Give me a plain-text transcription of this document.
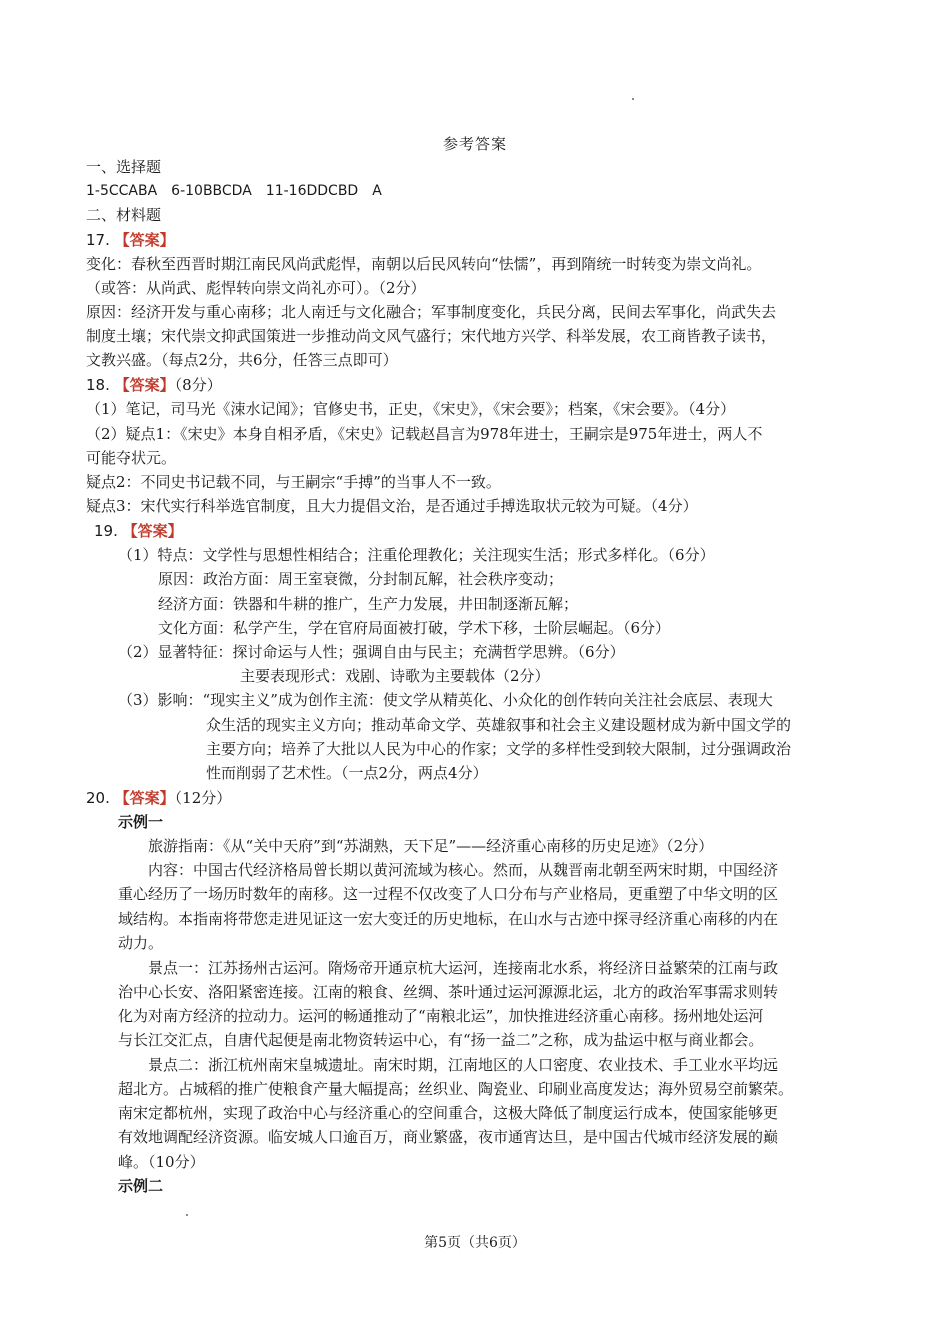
参考答案
一、选择题
1-5CCABA　6-10BBCDA　11-16DDCBD　A
二、材料题
17. 【答案】
变化：春秋至西晋时期江南民风尚武彪悍，南朝以后民风转向“怯懦”，再到隋统一时转变为崇文尚礼。
（或答：从尚武、彪悍转向崇文尚礼亦可）。（2分）
原因：经济开发与重心南移；北人南迁与文化融合；军事制度变化，兵民分离，民间去军事化，尚武失去
制度土壤；宋代崇文抑武国策进一步推动尚文风气盛行；宋代地方兴学、科举发展，农工商皆教子读书，
文教兴盛。（每点2分，共6分，任答三点即可）
18. 【答案】（8分）
（1）笔记，司马光《涑水记闻》；官修史书，正史，《宋史》，《宋会要》；档案，《宋会要》。（4分）
（2）疑点1：《宋史》本身自相矛盾，《宋史》记载赵昌言为978年进士，王嗣宗是975年进士，两人不
可能夺状元。
疑点2：不同史书记载不同，与王嗣宗“手搏”的当事人不一致。
疑点3：宋代实行科举选官制度，且大力提倡文治，是否通过手搏选取状元较为可疑。（4分）
19. 【答案】
（1）特点：文学性与思想性相结合；注重伦理教化；关注现实生活；形式多样化。（6分）
原因：政治方面：周王室衰微，分封制瓦解，社会秩序变动；
经济方面：铁器和牛耕的推广，生产力发展，井田制逐渐瓦解；
文化方面：私学产生，学在官府局面被打破，学术下移，士阶层崛起。（6分）
（2）显著特征：探讨命运与人性；强调自由与民主；充满哲学思辨。（6分）
主要表现形式：戏剧、诗歌为主要载体（2分）
（3）影响：“现实主义”成为创作主流：使文学从精英化、小众化的创作转向关注社会底层、表现大
众生活的现实主义方向；推动革命文学、英雄叙事和社会主义建设题材成为新中国文学的
主要方向；培养了大批以人民为中心的作家；文学的多样性受到较大限制，过分强调政治
性而削弱了艺术性。（一点2分，两点4分）
20. 【答案】（12分）
示例一
旅游指南：《从“关中天府”到“苏湖熟，天下足”——经济重心南移的历史足迹》（2分）
内容：中国古代经济格局曾长期以黄河流域为核心。然而，从魏晋南北朝至两宋时期，中国经济
重心经历了一场历时数年的南移。这一过程不仅改变了人口分布与产业格局，更重塑了中华文明的区
域结构。本指南将带您走进见证这一宏大变迁的历史地标，在山水与古迹中探寻经济重心南移的内在
动力。
景点一：江苏扬州古运河。隋炀帝开通京杭大运河，连接南北水系，将经济日益繁荣的江南与政
治中心长安、洛阳紧密连接。江南的粮食、丝绸、茶叶通过运河源源北运，北方的政治军事需求则转
化为对南方经济的拉动力。运河的畅通推动了“南粮北运”，加快推进经济重心南移。扬州地处运河
与长江交汇点，自唐代起便是南北物资转运中心，有“扬一益二”之称，成为盐运中枢与商业都会。
景点二：浙江杭州南宋皇城遗址。南宋时期，江南地区的人口密度、农业技术、手工业水平均远
超北方。占城稻的推广使粮食产量大幅提高；丝织业、陶瓷业、印刷业高度发达；海外贸易空前繁荣。
南宋定都杭州，实现了政治中心与经济重心的空间重合，这极大降低了制度运行成本，使国家能够更
有效地调配经济资源。临安城人口逾百万，商业繁盛，夜市通宵达旦，是中国古代城市经济发展的巅
峰。（10分）
示例二
第5页（共6页）
